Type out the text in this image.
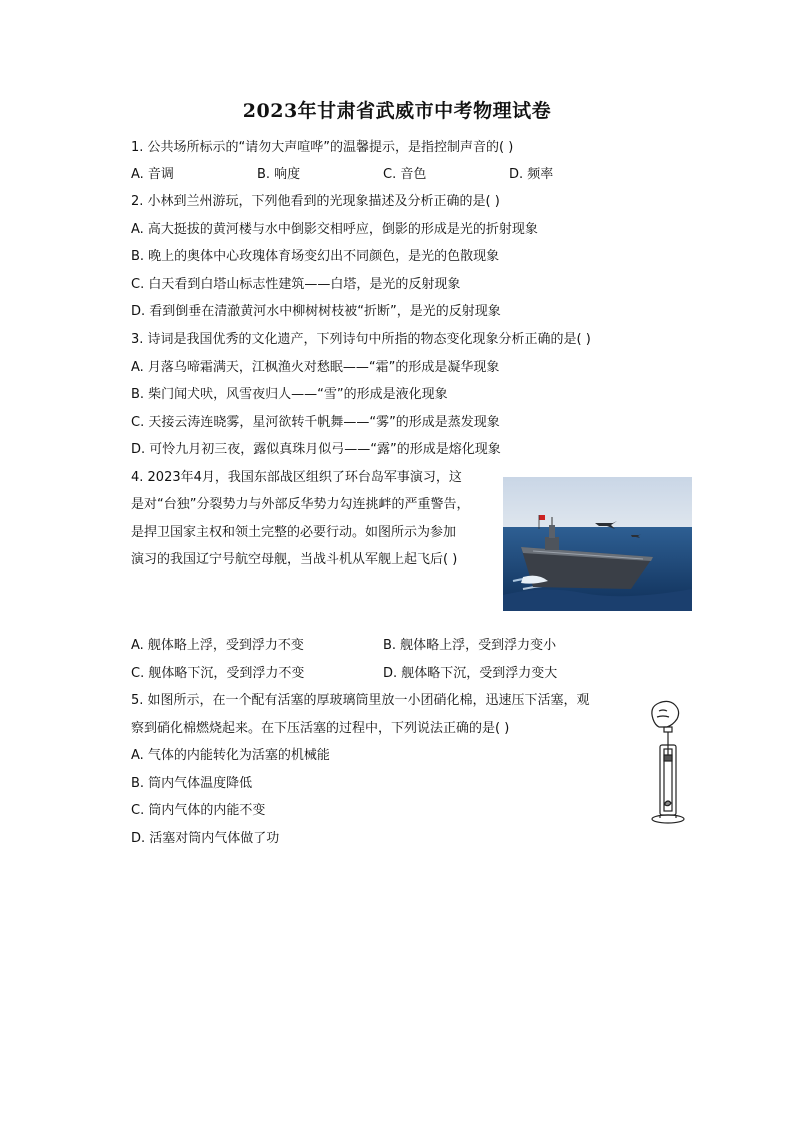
2023年甘肃省武威市中考物理试卷
1. 公共场所标示的“请勿大声喧哗”的温馨提示，是指控制声音的( )
A. 音调	B. 响度	C. 音色	D. 频率
2. 小林到兰州游玩，下列他看到的光现象描述及分析正确的是( )
A. 高大挺拔的黄河楼与水中倒影交相呼应，倒影的形成是光的折射现象
B. 晚上的奥体中心玫瑰体育场变幻出不同颜色，是光的色散现象
C. 白天看到白塔山标志性建筑——白塔，是光的反射现象
D. 看到倒垂在清澈黄河水中柳树树枝被“折断”，是光的反射现象
3. 诗词是我国优秀的文化遗产，下列诗句中所指的物态变化现象分析正确的是( )
A. 月落乌啼霜满天，江枫渔火对愁眠——“霜”的形成是凝华现象
B. 柴门闻犬吠，风雪夜归人——“雪”的形成是液化现象
C. 天接云涛连晓雾，星河欲转千帆舞——“雾”的形成是蒸发现象
D. 可怜九月初三夜，露似真珠月似弓——“露”的形成是熔化现象
4. 2023年4月，我国东部战区组织了环台岛军事演习，这
是对“台独”分裂势力与外部反华势力勾连挑衅的严重警告，
是捍卫国家主权和领土完整的必要行动。如图所示为参加
演习的我国辽宁号航空母舰，当战斗机从军舰上起飞后( )
A. 舰体略上浮，受到浮力不变	B. 舰体略上浮，受到浮力变小
C. 舰体略下沉，受到浮力不变	D. 舰体略下沉，受到浮力变大
5. 如图所示，在一个配有活塞的厚玻璃筒里放一小团硝化棉，迅速压下活塞，观
察到硝化棉燃烧起来。在下压活塞的过程中，下列说法正确的是( )
A. 气体的内能转化为活塞的机械能
B. 筒内气体温度降低
C. 筒内气体的内能不变
D. 活塞对筒内气体做了功
